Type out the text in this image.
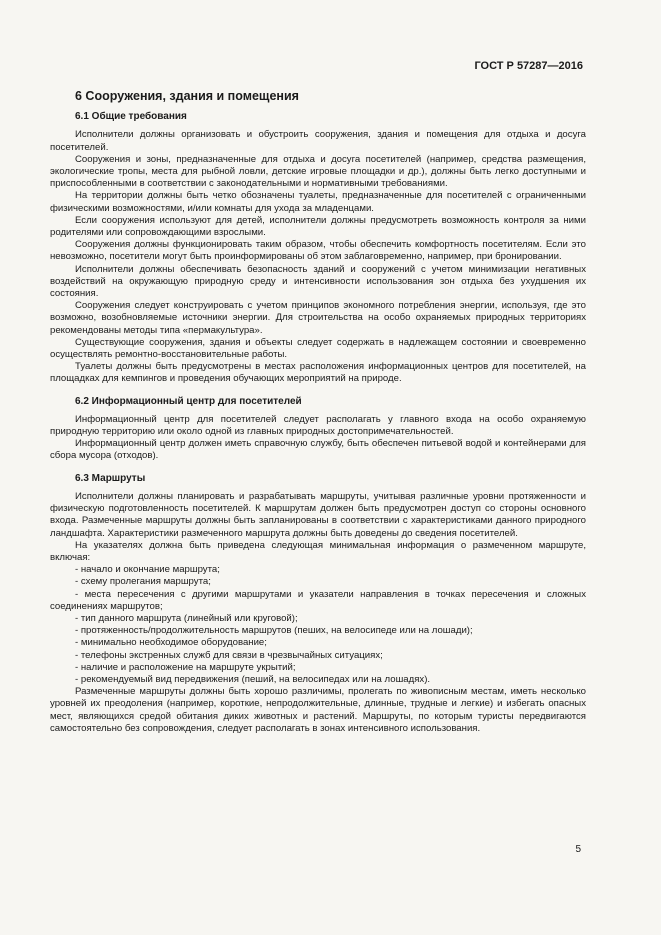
ГОСТ Р 57287—2016
6 Сооружения, здания и помещения
6.1 Общие требования

Исполнители должны организовать и обустроить сооружения, здания и помещения для отдыха и досуга посетителей.

Сооружения и зоны, предназначенные для отдыха и досуга посетителей (например, средства размещения, экологические тропы, места для рыбной ловли, детские игровые площадки и др.), должны быть легко доступными и приспособленными в соответствии с законодательными и нормативными требованиями.

На территории должны быть четко обозначены туалеты, предназначенные для посетителей с ограниченными физическими возможностями, и/или комнаты для ухода за младенцами.

Если сооружения используют для детей, исполнители должны предусмотреть возможность контроля за ними родителями или сопровождающими взрослыми.

Сооружения должны функционировать таким образом, чтобы обеспечить комфортность посетителям. Если это невозможно, посетители могут быть проинформированы об этом заблаговременно, например, при бронировании.

Исполнители должны обеспечивать безопасность зданий и сооружений с учетом минимизации негативных воздействий на окружающую природную среду и интенсивности использования зон отдыха без ухудшения их состояния.

Сооружения следует конструировать с учетом принципов экономного потребления энергии, используя, где это возможно, возобновляемые источники энергии. Для строительства на особо охраняемых природных территориях рекомендованы методы типа «пермакультура».

Существующие сооружения, здания и объекты следует содержать в надлежащем состоянии и своевременно осуществлять ремонтно-восстановительные работы.

Туалеты должны быть предусмотрены в местах расположения информационных центров для посетителей, на площадках для кемпингов и проведения обучающих мероприятий на природе.

6.2 Информационный центр для посетителей

Информационный центр для посетителей следует располагать у главного входа на особо охраняемую природную территорию или около одной из главных природных достопримечательностей.

Информационный центр должен иметь справочную службу, быть обеспечен питьевой водой и контейнерами для сбора мусора (отходов).

6.3 Маршруты

Исполнители должны планировать и разрабатывать маршруты, учитывая различные уровни протяженности и физическую подготовленность посетителей. К маршрутам должен быть предусмотрен доступ со стороны основного входа. Размеченные маршруты должны быть запланированы в соответствии с характеристиками данного природного ландшафта. Характеристики размеченного маршрута должны быть доведены до сведения посетителей.

На указателях должна быть приведена следующая минимальная информация о размеченном маршруте, включая:

- начало и окончание маршрута;

- схему пролегания маршрута;

- места пересечения с другими маршрутами и указатели направления в точках пересечения и сложных соединениях маршрутов;

- тип данного маршрута (линейный или круговой);

- протяженность/продолжительность маршрутов (пеших, на велосипеде или на лошади);

- минимально необходимое оборудование;

- телефоны экстренных служб для связи в чрезвычайных ситуациях;

- наличие и расположение на маршруте укрытий;

- рекомендуемый вид передвижения (пеший, на велосипедах или на лошадях).

Размеченные маршруты должны быть хорошо различимы, пролегать по живописным местам, иметь несколько уровней их преодоления (например, короткие, непродолжительные, длинные, трудные и легкие) и избегать опасных мест, являющихся средой обитания диких животных и растений. Маршруты, по которым туристы передвигаются самостоятельно без сопровождения, следует располагать в зонах интенсивного использования.

5
